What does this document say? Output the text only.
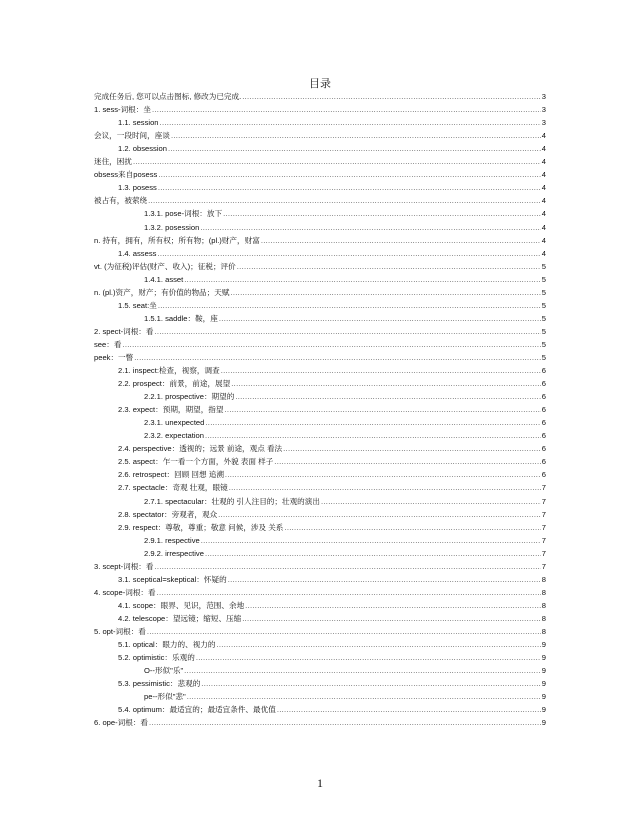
目录
完成任务后, 您可以点击图标, 修改为已完成. .....	3
1. sess-词根：坐 .....	3
1.1. session .....	3
会议，一段时间，座谈 .....	4
1.2. obsession .....	4
迷住，困扰 .....	4
obsess来自posess .....	4
1.3. posess .....	4
被占有，被萦绕 .....	4
1.3.1. pose-词根：放下 .....	4
1.3.2. posession .....	4
n. 持有，拥有，所有权；所有物；(pl.)财产，财富 .....	4
1.4. assess .....	4
vt. (为征税)评估(财产、收入)；征税；评价 .....	5
1.4.1. asset .....	5
n. (pl.)资产，财产；有价值的物品；天赋 .....	5
1.5. seat:坐 .....	5
1.5.1. saddle：鞍，座 .....	5
2. spect-词根：看 .....	5
see：看 .....	5
peek：一瞥 .....	5
2.1. inspect:检查，视察，调查 .....	6
2.2. prospect：前景，前途，展望 .....	6
2.2.1. prospective：期望的 .....	6
2.3. expect：预期，期望，指望 .....	6
2.3.1. unexpected .....	6
2.3.2. expectation .....	6
2.4. perspective：透视的；远景 前途，观点 看法 .....	6
2.5. aspect：乍一看一个方面，外貌 表面 样子 .....	6
2.6. retrospect：回顾 回想 追溯 .....	6
2.7. spectacle：奇观 壮观，眼镜 .....	7
2.7.1. spectacular：壮观的 引人注目的；壮观的演出 .....	7
2.8. spectator：旁观者，观众 .....	7
2.9. respect：尊敬，尊重；敬意 问候，涉及 关系 .....	7
2.9.1. respective .....	7
2.9.2. irrespective .....	7
3. scept-词根：看 .....	7
3.1. sceptical=skeptical：怀疑的 .....	8
4. scope-词根：看 .....	8
4.1. scope：眼界、见识，范围、余地 .....	8
4.2. telescope：望远镜；缩短、压缩 .....	8
5. opt-词根：看 .....	8
5.1. optical：眼力的、视力的 .....	9
5.2. optimistic：乐观的 .....	9
O--形似"乐" .....	9
5.3. pessimistic：悲观的 .....	9
pe--形似"悲" .....	9
5.4. optimum：最适宜的；最适宜条件、最优值 .....	9
6. ope-词根：看 .....	9
1
